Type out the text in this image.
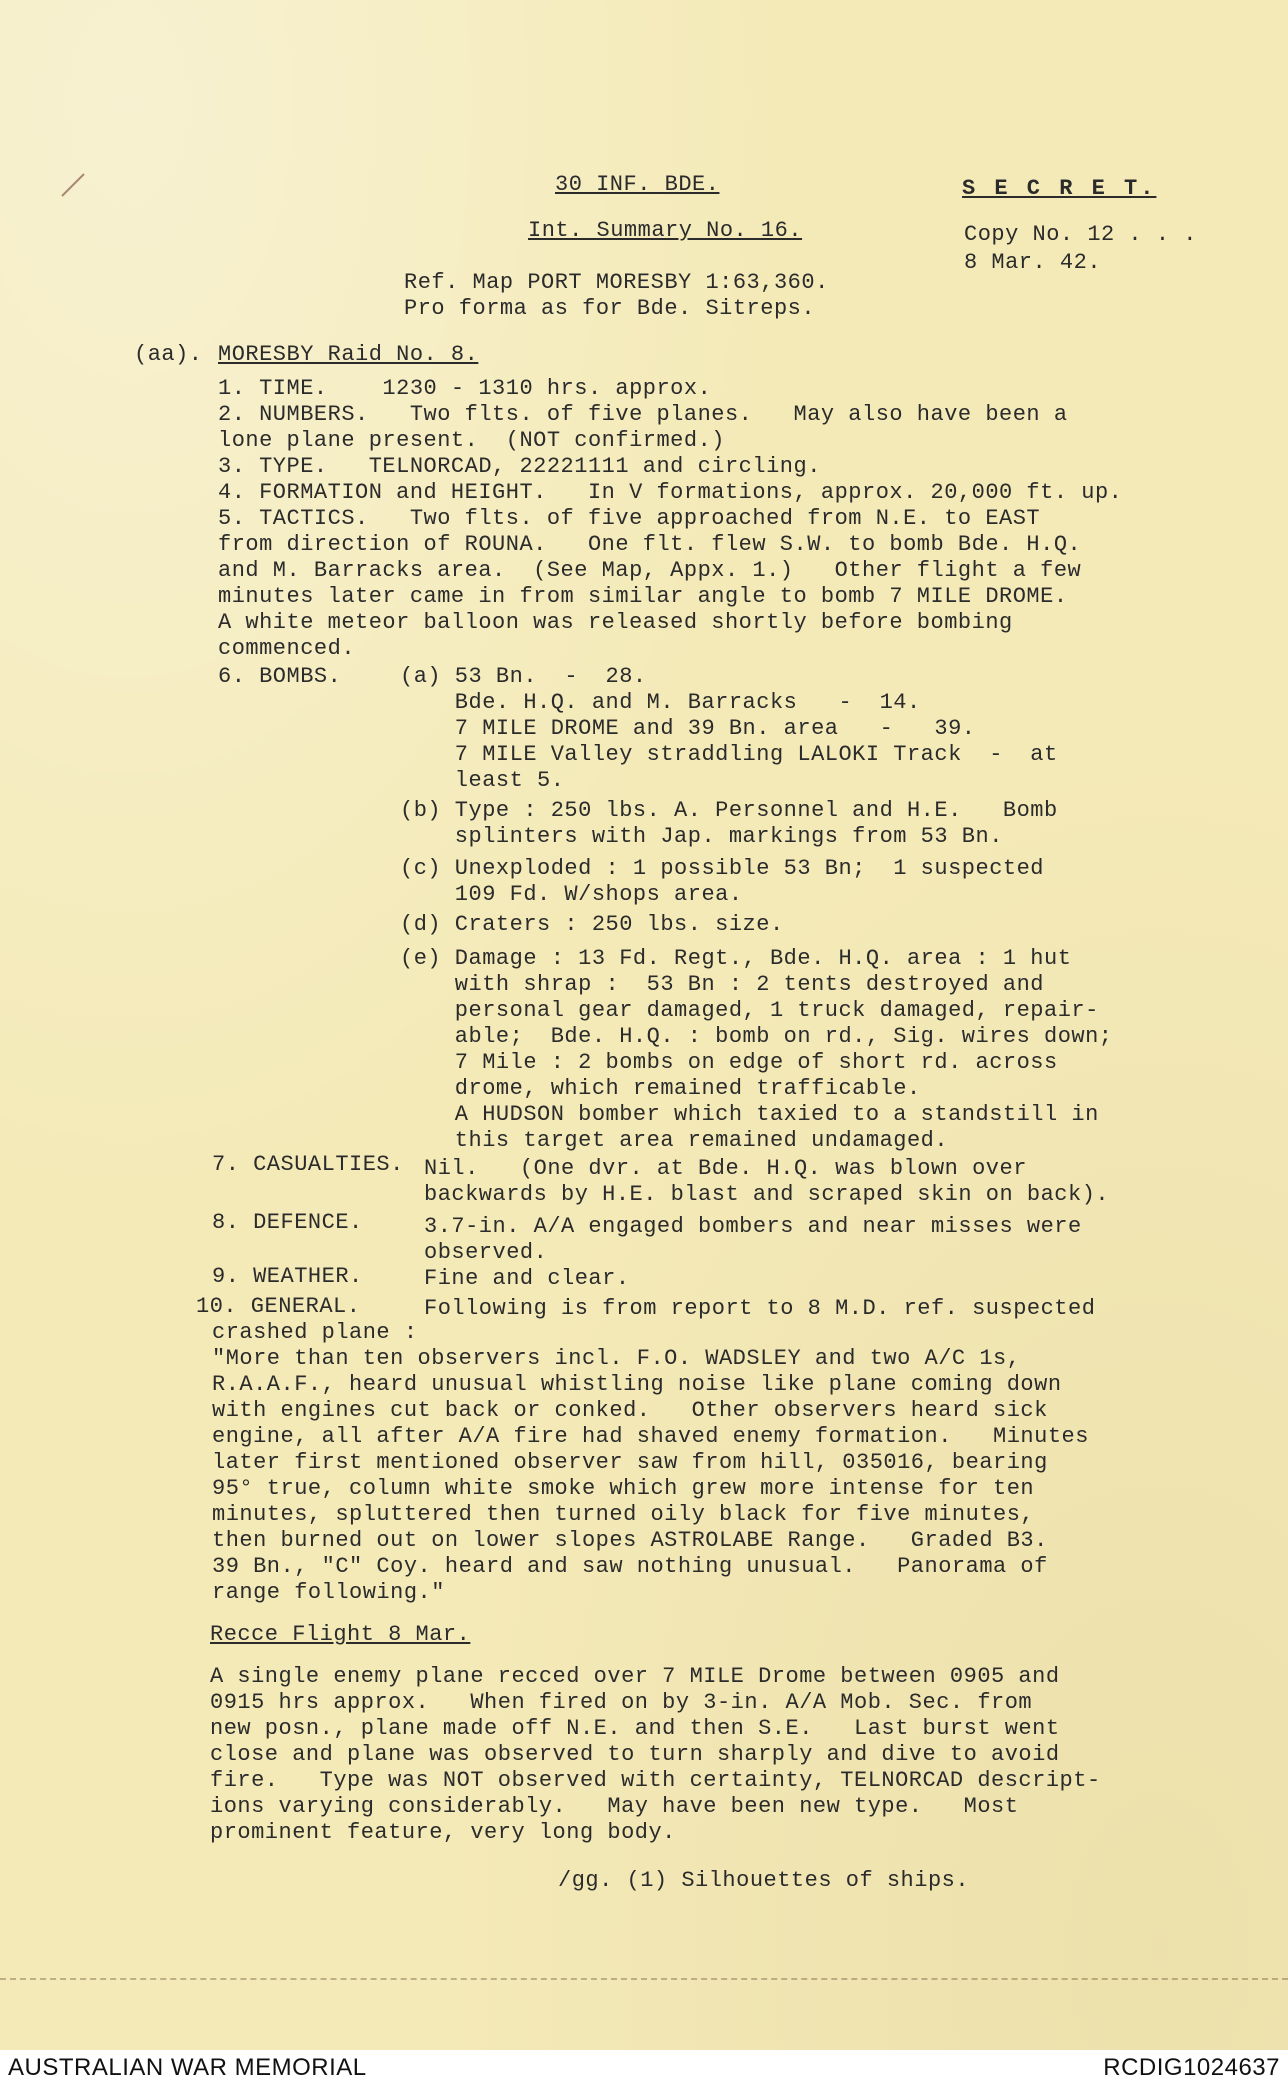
30 INF. BDE.	S E C R E T.
Int. Summary No. 16.	Copy No. 12 . . .
8 Mar. 42.
Ref. Map PORT MORESBY 1:63,360.
Pro forma as for Bde. Sitreps.
(aa). MORESBY Raid No. 8.
1. TIME.    1230 - 1310 hrs. approx.
2. NUMBERS.   Two flts. of five planes.   May also have been a
lone plane present.  (NOT confirmed.)
3. TYPE.   TELNORCAD, 22221111 and circling.
4. FORMATION and HEIGHT.   In V formations, approx. 20,000 ft. up.
5. TACTICS.   Two flts. of five approached from N.E. to EAST
from direction of ROUNA.   One flt. flew S.W. to bomb Bde. H.Q.
and M. Barracks area.  (See Map, Appx. 1.)   Other flight a few
minutes later came in from similar angle to bomb 7 MILE DROME.
A white meteor balloon was released shortly before bombing
commenced.
6. BOMBS.	(a) 53 Bn.  -  28.
Bde. H.Q. and M. Barracks   -  14.
7 MILE DROME and 39 Bn. area   -   39.
7 MILE Valley straddling LALOKI Track  -  at
least 5.
(b) Type : 250 lbs. A. Personnel and H.E.   Bomb
splinters with Jap. markings from 53 Bn.
(c) Unexploded : 1 possible 53 Bn;  1 suspected
109 Fd. W/shops area.
(d) Craters : 250 lbs. size.
(e) Damage : 13 Fd. Regt., Bde. H.Q. area : 1 hut
with shrap :  53 Bn : 2 tents destroyed and
personal gear damaged, 1 truck damaged, repair-
able;  Bde. H.Q. : bomb on rd., Sig. wires down;
7 Mile : 2 bombs on edge of short rd. across
drome, which remained trafficable.
A HUDSON bomber which taxied to a standstill in
this target area remained undamaged.
7. CASUALTIES. Nil.   (One dvr. at Bde. H.Q. was blown over
backwards by H.E. blast and scraped skin on back).
8. DEFENCE.	3.7-in. A/A engaged bombers and near misses were
observed.
9. WEATHER.	Fine and clear.
10. GENERAL.	Following is from report to 8 M.D. ref. suspected
crashed plane :
"More than ten observers incl. F.O. WADSLEY and two A/C 1s,
R.A.A.F., heard unusual whistling noise like plane coming down
with engines cut back or conked.   Other observers heard sick
engine, all after A/A fire had shaved enemy formation.   Minutes
later first mentioned observer saw from hill, 035016, bearing
95° true, column white smoke which grew more intense for ten
minutes, spluttered then turned oily black for five minutes,
then burned out on lower slopes ASTROLABE Range.   Graded B3.
39 Bn., "C" Coy. heard and saw nothing unusual.   Panorama of
range following."
Recce Flight 8 Mar.
A single enemy plane recced over 7 MILE Drome between 0905 and
0915 hrs approx.   When fired on by 3-in. A/A Mob. Sec. from
new posn., plane made off N.E. and then S.E.   Last burst went
close and plane was observed to turn sharply and dive to avoid
fire.   Type was NOT observed with certainty, TELNORCAD descript-
ions varying considerably.   May have been new type.   Most
prominent feature, very long body.
/gg. (1) Silhouettes of ships.
AUSTRALIAN WAR MEMORIAL	RCDIG1024637
